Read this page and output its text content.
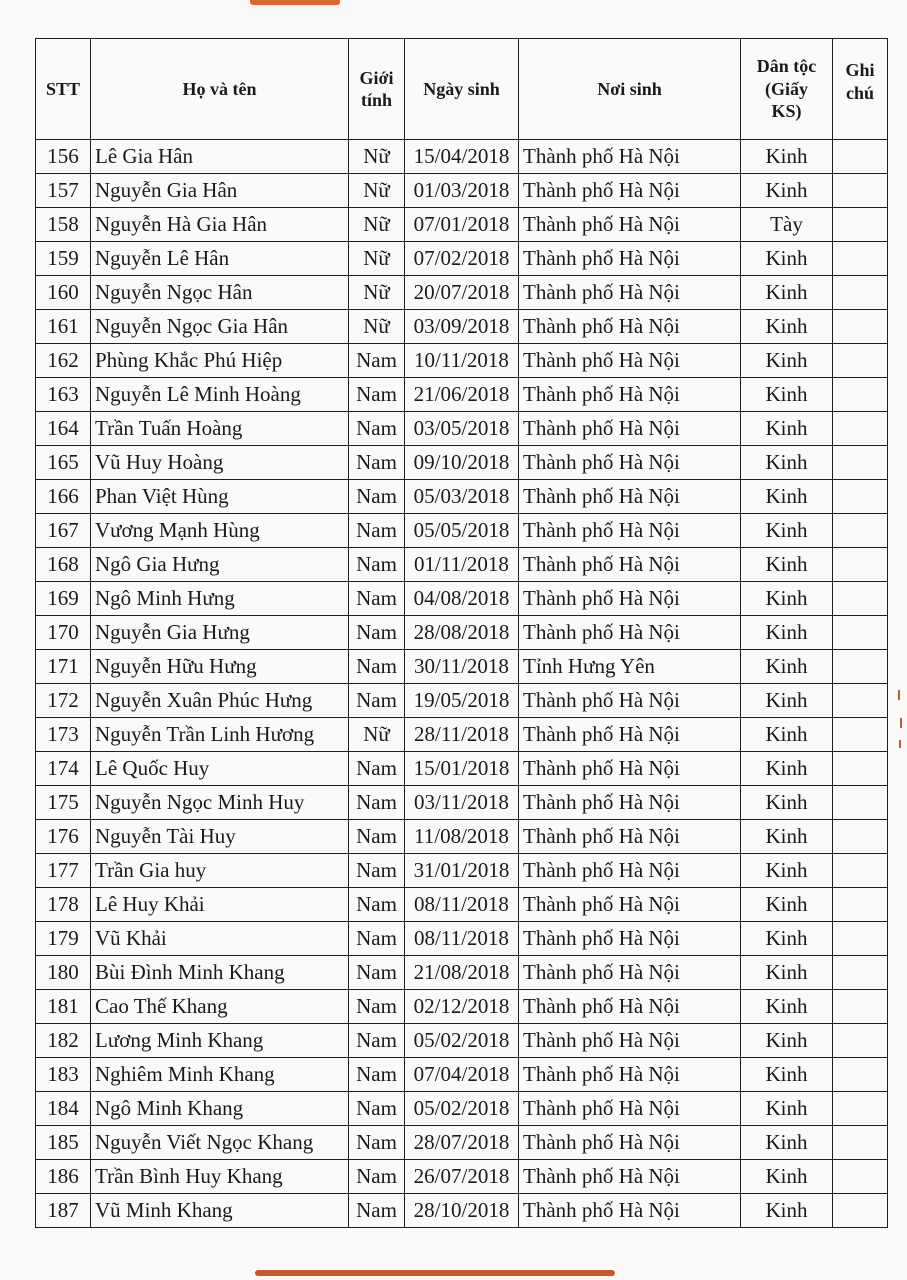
STT	Họ và tên	Giới tính	Ngày sinh	Nơi sinh	Dân tộc (Giấy KS)	Ghi chú
156	Lê Gia Hân	Nữ	15/04/2018	Thành phố Hà Nội	Kinh	
157	Nguyễn Gia Hân	Nữ	01/03/2018	Thành phố Hà Nội	Kinh	
158	Nguyễn Hà Gia Hân	Nữ	07/01/2018	Thành phố Hà Nội	Tày	
159	Nguyễn Lê Hân	Nữ	07/02/2018	Thành phố Hà Nội	Kinh	
160	Nguyễn Ngọc Hân	Nữ	20/07/2018	Thành phố Hà Nội	Kinh	
161	Nguyễn Ngọc Gia Hân	Nữ	03/09/2018	Thành phố Hà Nội	Kinh	
162	Phùng Khắc Phú Hiệp	Nam	10/11/2018	Thành phố Hà Nội	Kinh	
163	Nguyễn Lê Minh Hoàng	Nam	21/06/2018	Thành phố Hà Nội	Kinh	
164	Trần Tuấn Hoàng	Nam	03/05/2018	Thành phố Hà Nội	Kinh	
165	Vũ Huy Hoàng	Nam	09/10/2018	Thành phố Hà Nội	Kinh	
166	Phan Việt Hùng	Nam	05/03/2018	Thành phố Hà Nội	Kinh	
167	Vương Mạnh Hùng	Nam	05/05/2018	Thành phố Hà Nội	Kinh	
168	Ngô Gia Hưng	Nam	01/11/2018	Thành phố Hà Nội	Kinh	
169	Ngô Minh Hưng	Nam	04/08/2018	Thành phố Hà Nội	Kinh	
170	Nguyễn Gia Hưng	Nam	28/08/2018	Thành phố Hà Nội	Kinh	
171	Nguyễn Hữu Hưng	Nam	30/11/2018	Tỉnh Hưng Yên	Kinh	
172	Nguyễn Xuân Phúc Hưng	Nam	19/05/2018	Thành phố Hà Nội	Kinh	
173	Nguyễn Trần Linh Hương	Nữ	28/11/2018	Thành phố Hà Nội	Kinh	
174	Lê Quốc Huy	Nam	15/01/2018	Thành phố Hà Nội	Kinh	
175	Nguyễn Ngọc Minh Huy	Nam	03/11/2018	Thành phố Hà Nội	Kinh	
176	Nguyễn Tài Huy	Nam	11/08/2018	Thành phố Hà Nội	Kinh	
177	Trần Gia huy	Nam	31/01/2018	Thành phố Hà Nội	Kinh	
178	Lê Huy Khải	Nam	08/11/2018	Thành phố Hà Nội	Kinh	
179	Vũ Khải	Nam	08/11/2018	Thành phố Hà Nội	Kinh	
180	Bùi Đình Minh Khang	Nam	21/08/2018	Thành phố Hà Nội	Kinh	
181	Cao Thế Khang	Nam	02/12/2018	Thành phố Hà Nội	Kinh	
182	Lương Minh Khang	Nam	05/02/2018	Thành phố Hà Nội	Kinh	
183	Nghiêm Minh Khang	Nam	07/04/2018	Thành phố Hà Nội	Kinh	
184	Ngô Minh Khang	Nam	05/02/2018	Thành phố Hà Nội	Kinh	
185	Nguyễn Viết Ngọc Khang	Nam	28/07/2018	Thành phố Hà Nội	Kinh	
186	Trần Bình Huy Khang	Nam	26/07/2018	Thành phố Hà Nội	Kinh	
187	Vũ Minh Khang	Nam	28/10/2018	Thành phố Hà Nội	Kinh	
